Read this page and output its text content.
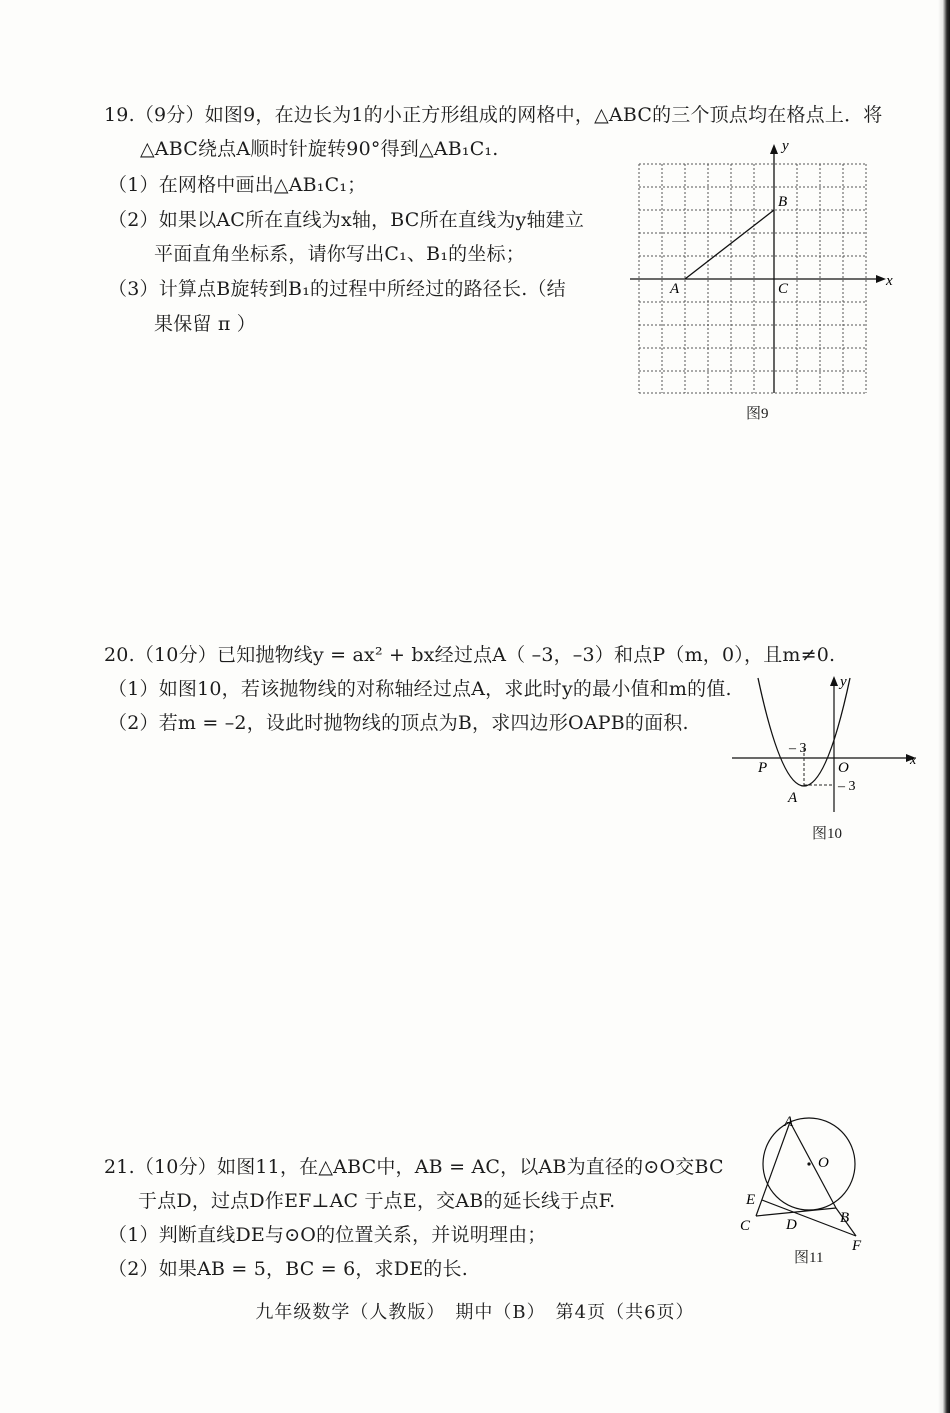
19.（9分）如图9，在边长为1的小正方形组成的网格中，△ABC的三个顶点均在格点上．将
△ABC绕点A顺时针旋转90°得到△AB₁C₁.
（1）在网格中画出△AB₁C₁；
（2）如果以AC所在直线为x轴，BC所在直线为y轴建立
平面直角坐标系，请你写出C₁、B₁的坐标；
（3）计算点B旋转到B₁的过程中所经过的路径长.（结
果保留 π ）
y
x
A
B
C
图9
20.（10分）已知抛物线y = ax² + bx经过点A（ –3，–3）和点P（m，0），且m≠0.
（1）如图10，若该抛物线的对称轴经过点A，求此时y的最小值和m的值.
（2）若m = –2，设此时抛物线的顶点为B，求四边形OAPB的面积.
y
x
P	O
A
– 3
– 3
图10
21.（10分）如图11，在△ABC中，AB = AC，以AB为直径的⊙O交BC
于点D，过点D作EF⊥AC 于点E，交AB的延长线于点F.
（1）判断直线DE与⊙O的位置关系，并说明理由；
（2）如果AB = 5，BC = 6，求DE的长.
A
O
E
C D	B
F
图11
九年级数学（人教版）　期中（B）　第4页（共6页）
